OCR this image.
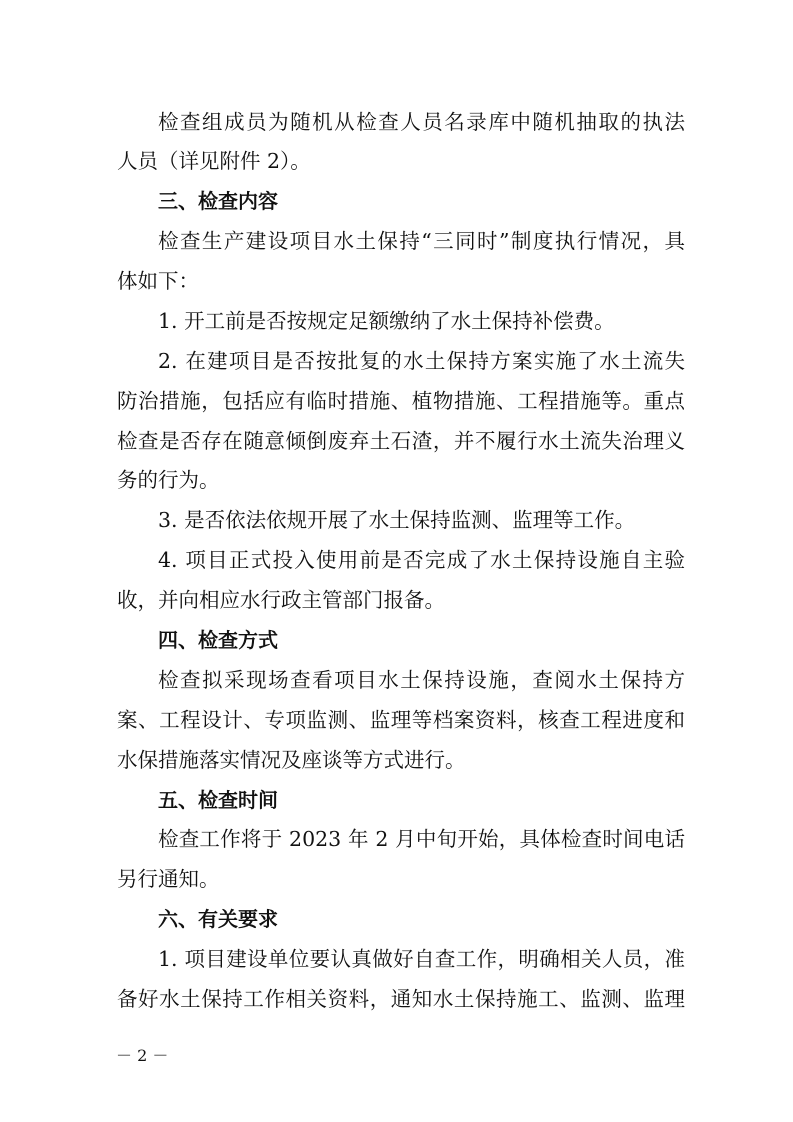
检查组成员为随机从检查人员名录库中随机抽取的执法
人员（详见附件 2）。
三、检查内容
检查生产建设项目水土保持“三同时”制度执行情况，具
体如下：
1. 开工前是否按规定足额缴纳了水土保持补偿费。
2. 在建项目是否按批复的水土保持方案实施了水土流失
防治措施，包括应有临时措施、植物措施、工程措施等。重点
检查是否存在随意倾倒废弃土石渣，并不履行水土流失治理义
务的行为。
3. 是否依法依规开展了水土保持监测、监理等工作。
4. 项目正式投入使用前是否完成了水土保持设施自主验
收，并向相应水行政主管部门报备。
四、检查方式
检查拟采现场查看项目水土保持设施，查阅水土保持方
案、工程设计、专项监测、监理等档案资料，核查工程进度和
水保措施落实情况及座谈等方式进行。
五、检查时间
检查工作将于 2023 年 2 月中旬开始，具体检查时间电话
另行通知。
六、有关要求
1. 项目建设单位要认真做好自查工作，明确相关人员，准
备好水土保持工作相关资料，通知水土保持施工、监测、监理
－ 2 －
